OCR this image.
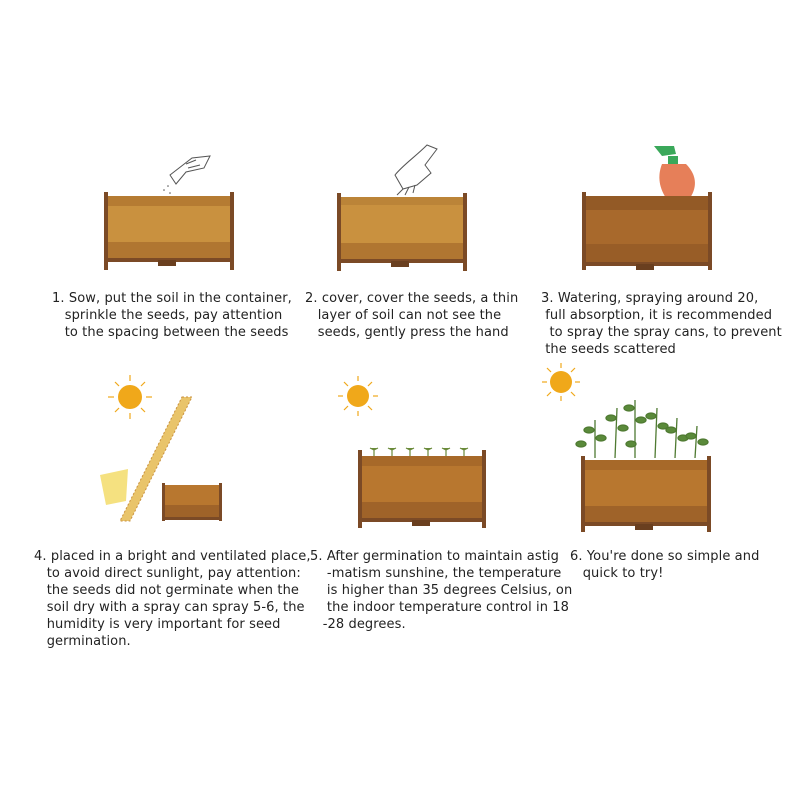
1. Sow, put the soil in the container,
sprinkle the seeds, pay attention
to the spacing between the seeds
2. cover, cover the seeds, a thin
layer of soil can not see the
seeds, gently press the hand
3. Watering, spraying around 20,
full absorption, it is recommended
to spray the spray cans, to prevent
the seeds scattered
4. placed in a bright and ventilated place,
to avoid direct sunlight, pay attention:
the seeds did not germinate when the
soil dry with a spray can spray 5-6, the
humidity is very important for seed
germination.
5. After germination to maintain astig
-matism sunshine, the temperature
is higher than 35 degrees Celsius, on
the indoor temperature control in 18
-28 degrees.
6. You're done so simple and
quick to try!
